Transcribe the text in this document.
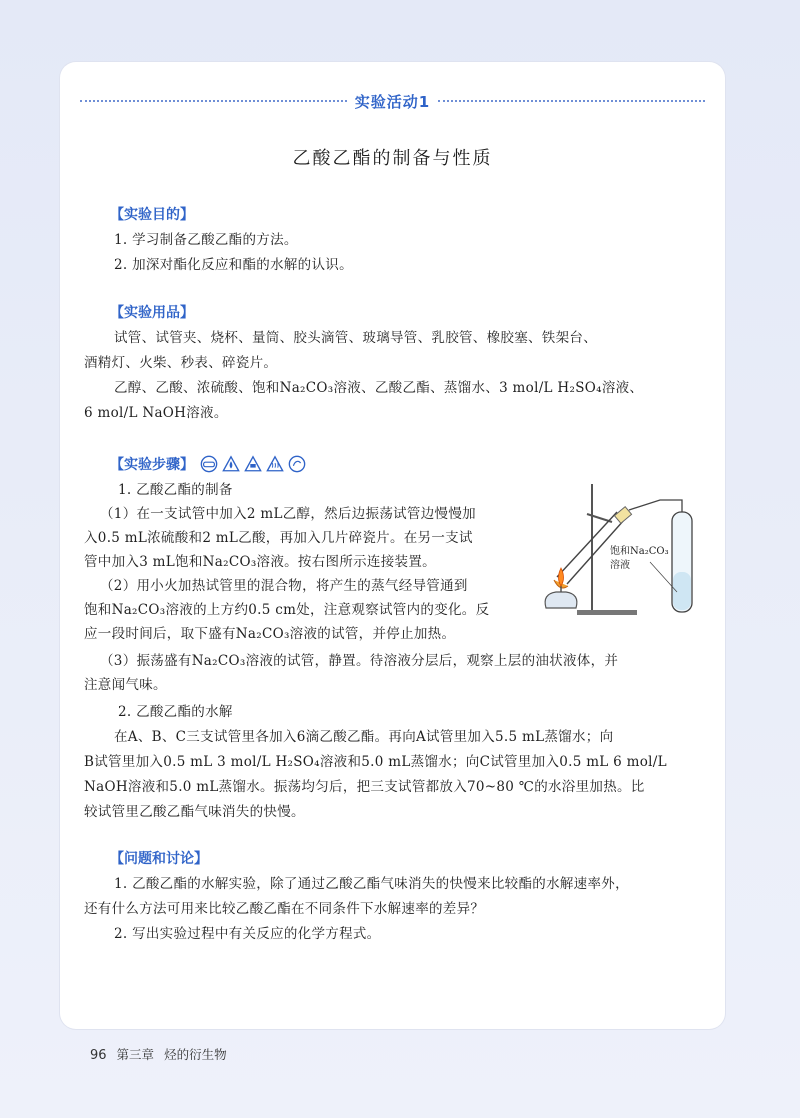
实验活动1
乙酸乙酯的制备与性质
【实验目的】
1. 学习制备乙酸乙酯的方法。
2. 加深对酯化反应和酯的水解的认识。
【实验用品】
试管、试管夹、烧杯、量筒、胶头滴管、玻璃导管、乳胶管、橡胶塞、铁架台、
酒精灯、火柴、秒表、碎瓷片。
乙醇、乙酸、浓硫酸、饱和Na₂CO₃溶液、乙酸乙酯、蒸馏水、3 mol/L H₂SO₄溶液、
6 mol/L NaOH溶液。
【实验步骤】
1. 乙酸乙酯的制备
（1）在一支试管中加入2 mL乙醇，然后边振荡试管边慢慢加
入0.5 mL浓硫酸和2 mL乙酸，再加入几片碎瓷片。在另一支试
管中加入3 mL饱和Na₂CO₃溶液。按右图所示连接装置。
（2）用小火加热试管里的混合物，将产生的蒸气经导管通到
饱和Na₂CO₃溶液的上方约0.5 cm处，注意观察试管内的变化。反
应一段时间后，取下盛有Na₂CO₃溶液的试管，并停止加热。
（3）振荡盛有Na₂CO₃溶液的试管，静置。待溶液分层后，观察上层的油状液体，并
注意闻气味。
2. 乙酸乙酯的水解
在A、B、C三支试管里各加入6滴乙酸乙酯。再向A试管里加入5.5 mL蒸馏水；向
B试管里加入0.5 mL 3 mol/L H₂SO₄溶液和5.0 mL蒸馏水；向C试管里加入0.5 mL 6 mol/L
NaOH溶液和5.0 mL蒸馏水。振荡均匀后，把三支试管都放入70~80 ℃的水浴里加热。比
较试管里乙酸乙酯气味消失的快慢。
饱和Na₂CO₃
溶液
【问题和讨论】
1. 乙酸乙酯的水解实验，除了通过乙酸乙酯气味消失的快慢来比较酯的水解速率外，
还有什么方法可用来比较乙酸乙酯在不同条件下水解速率的差异？
2. 写出实验过程中有关反应的化学方程式。
96 第三章 烃的衍生物
